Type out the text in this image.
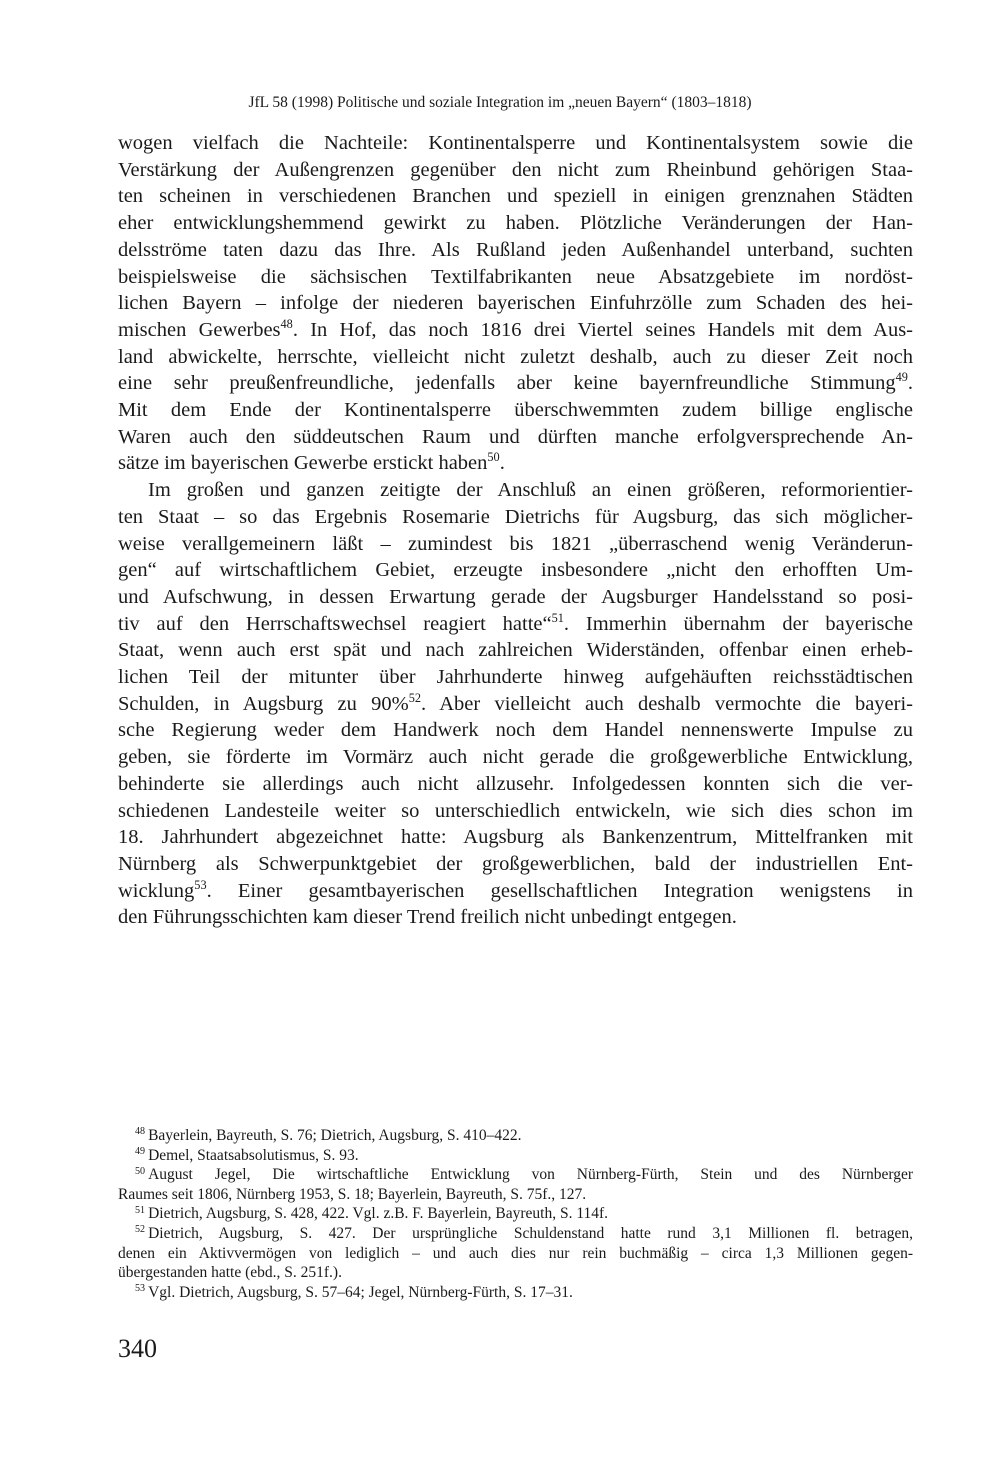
JfL 58 (1998) Politische und soziale Integration im „neuen Bayern“ (1803–1818)
wogen vielfach die Nachteile: Kontinentalsperre und Kontinentalsystem sowie die
Verstärkung der Außengrenzen gegenüber den nicht zum Rheinbund gehörigen Staa-
ten scheinen in verschiedenen Branchen und speziell in einigen grenznahen Städten
eher entwicklungshemmend gewirkt zu haben. Plötzliche Veränderungen der Han-
delsströme taten dazu das Ihre. Als Rußland jeden Außenhandel unterband, suchten
beispielsweise die sächsischen Textilfabrikanten neue Absatzgebiete im nordöst-
lichen Bayern – infolge der niederen bayerischen Einfuhrzölle zum Schaden des hei-
mischen Gewerbes$^{48}$. In Hof, das noch 1816 drei Viertel seines Handels mit dem Aus-
land abwickelte, herrschte, vielleicht nicht zuletzt deshalb, auch zu dieser Zeit noch
eine sehr preußenfreundliche, jedenfalls aber keine bayernfreundliche Stimmung$^{49}$.
Mit dem Ende der Kontinentalsperre überschwemmten zudem billige englische
Waren auch den süddeutschen Raum und dürften manche erfolgversprechende An-
sätze im bayerischen Gewerbe erstickt haben$^{50}$.
Im großen und ganzen zeitigte der Anschluß an einen größeren, reformorientier-
ten Staat – so das Ergebnis Rosemarie Dietrichs für Augsburg, das sich möglicher-
weise verallgemeinern läßt – zumindest bis 1821 „überraschend wenig Veränderun-
gen“ auf wirtschaftlichem Gebiet, erzeugte insbesondere „nicht den erhofften Um-
und Aufschwung, in dessen Erwartung gerade der Augsburger Handelsstand so posi-
tiv auf den Herrschaftswechsel reagiert hatte“$^{51}$. Immerhin übernahm der bayerische
Staat, wenn auch erst spät und nach zahlreichen Widerständen, offenbar einen erheb-
lichen Teil der mitunter über Jahrhunderte hinweg aufgehäuften reichsstädtischen
Schulden, in Augsburg zu 90%$^{52}$. Aber vielleicht auch deshalb vermochte die bayeri-
sche Regierung weder dem Handwerk noch dem Handel nennenswerte Impulse zu
geben, sie förderte im Vormärz auch nicht gerade die großgewerbliche Entwicklung,
behinderte sie allerdings auch nicht allzusehr. Infolgedessen konnten sich die ver-
schiedenen Landesteile weiter so unterschiedlich entwickeln, wie sich dies schon im
18. Jahrhundert abgezeichnet hatte: Augsburg als Bankenzentrum, Mittelfranken mit
Nürnberg als Schwerpunktgebiet der großgewerblichen, bald der industriellen Ent-
wicklung$^{53}$. Einer gesamtbayerischen gesellschaftlichen Integration wenigstens in
den Führungsschichten kam dieser Trend freilich nicht unbedingt entgegen.
$^{48}$ Bayerlein, Bayreuth, S. 76; Dietrich, Augsburg, S. 410–422.
$^{49}$ Demel, Staatsabsolutismus, S. 93.
$^{50}$ August Jegel, Die wirtschaftliche Entwicklung von Nürnberg-Fürth, Stein und des Nürnberger
Raumes seit 1806, Nürnberg 1953, S. 18; Bayerlein, Bayreuth, S. 75f., 127.
$^{51}$ Dietrich, Augsburg, S. 428, 422. Vgl. z.B. F. Bayerlein, Bayreuth, S. 114f.
$^{52}$ Dietrich, Augsburg, S. 427. Der ursprüngliche Schuldenstand hatte rund 3,1 Millionen fl. betragen,
denen ein Aktivvermögen von lediglich – und auch dies nur rein buchmäßig – circa 1,3 Millionen gegen-
übergestanden hatte (ebd., S. 251f.).
$^{53}$ Vgl. Dietrich, Augsburg, S. 57–64; Jegel, Nürnberg-Fürth, S. 17–31.
340
